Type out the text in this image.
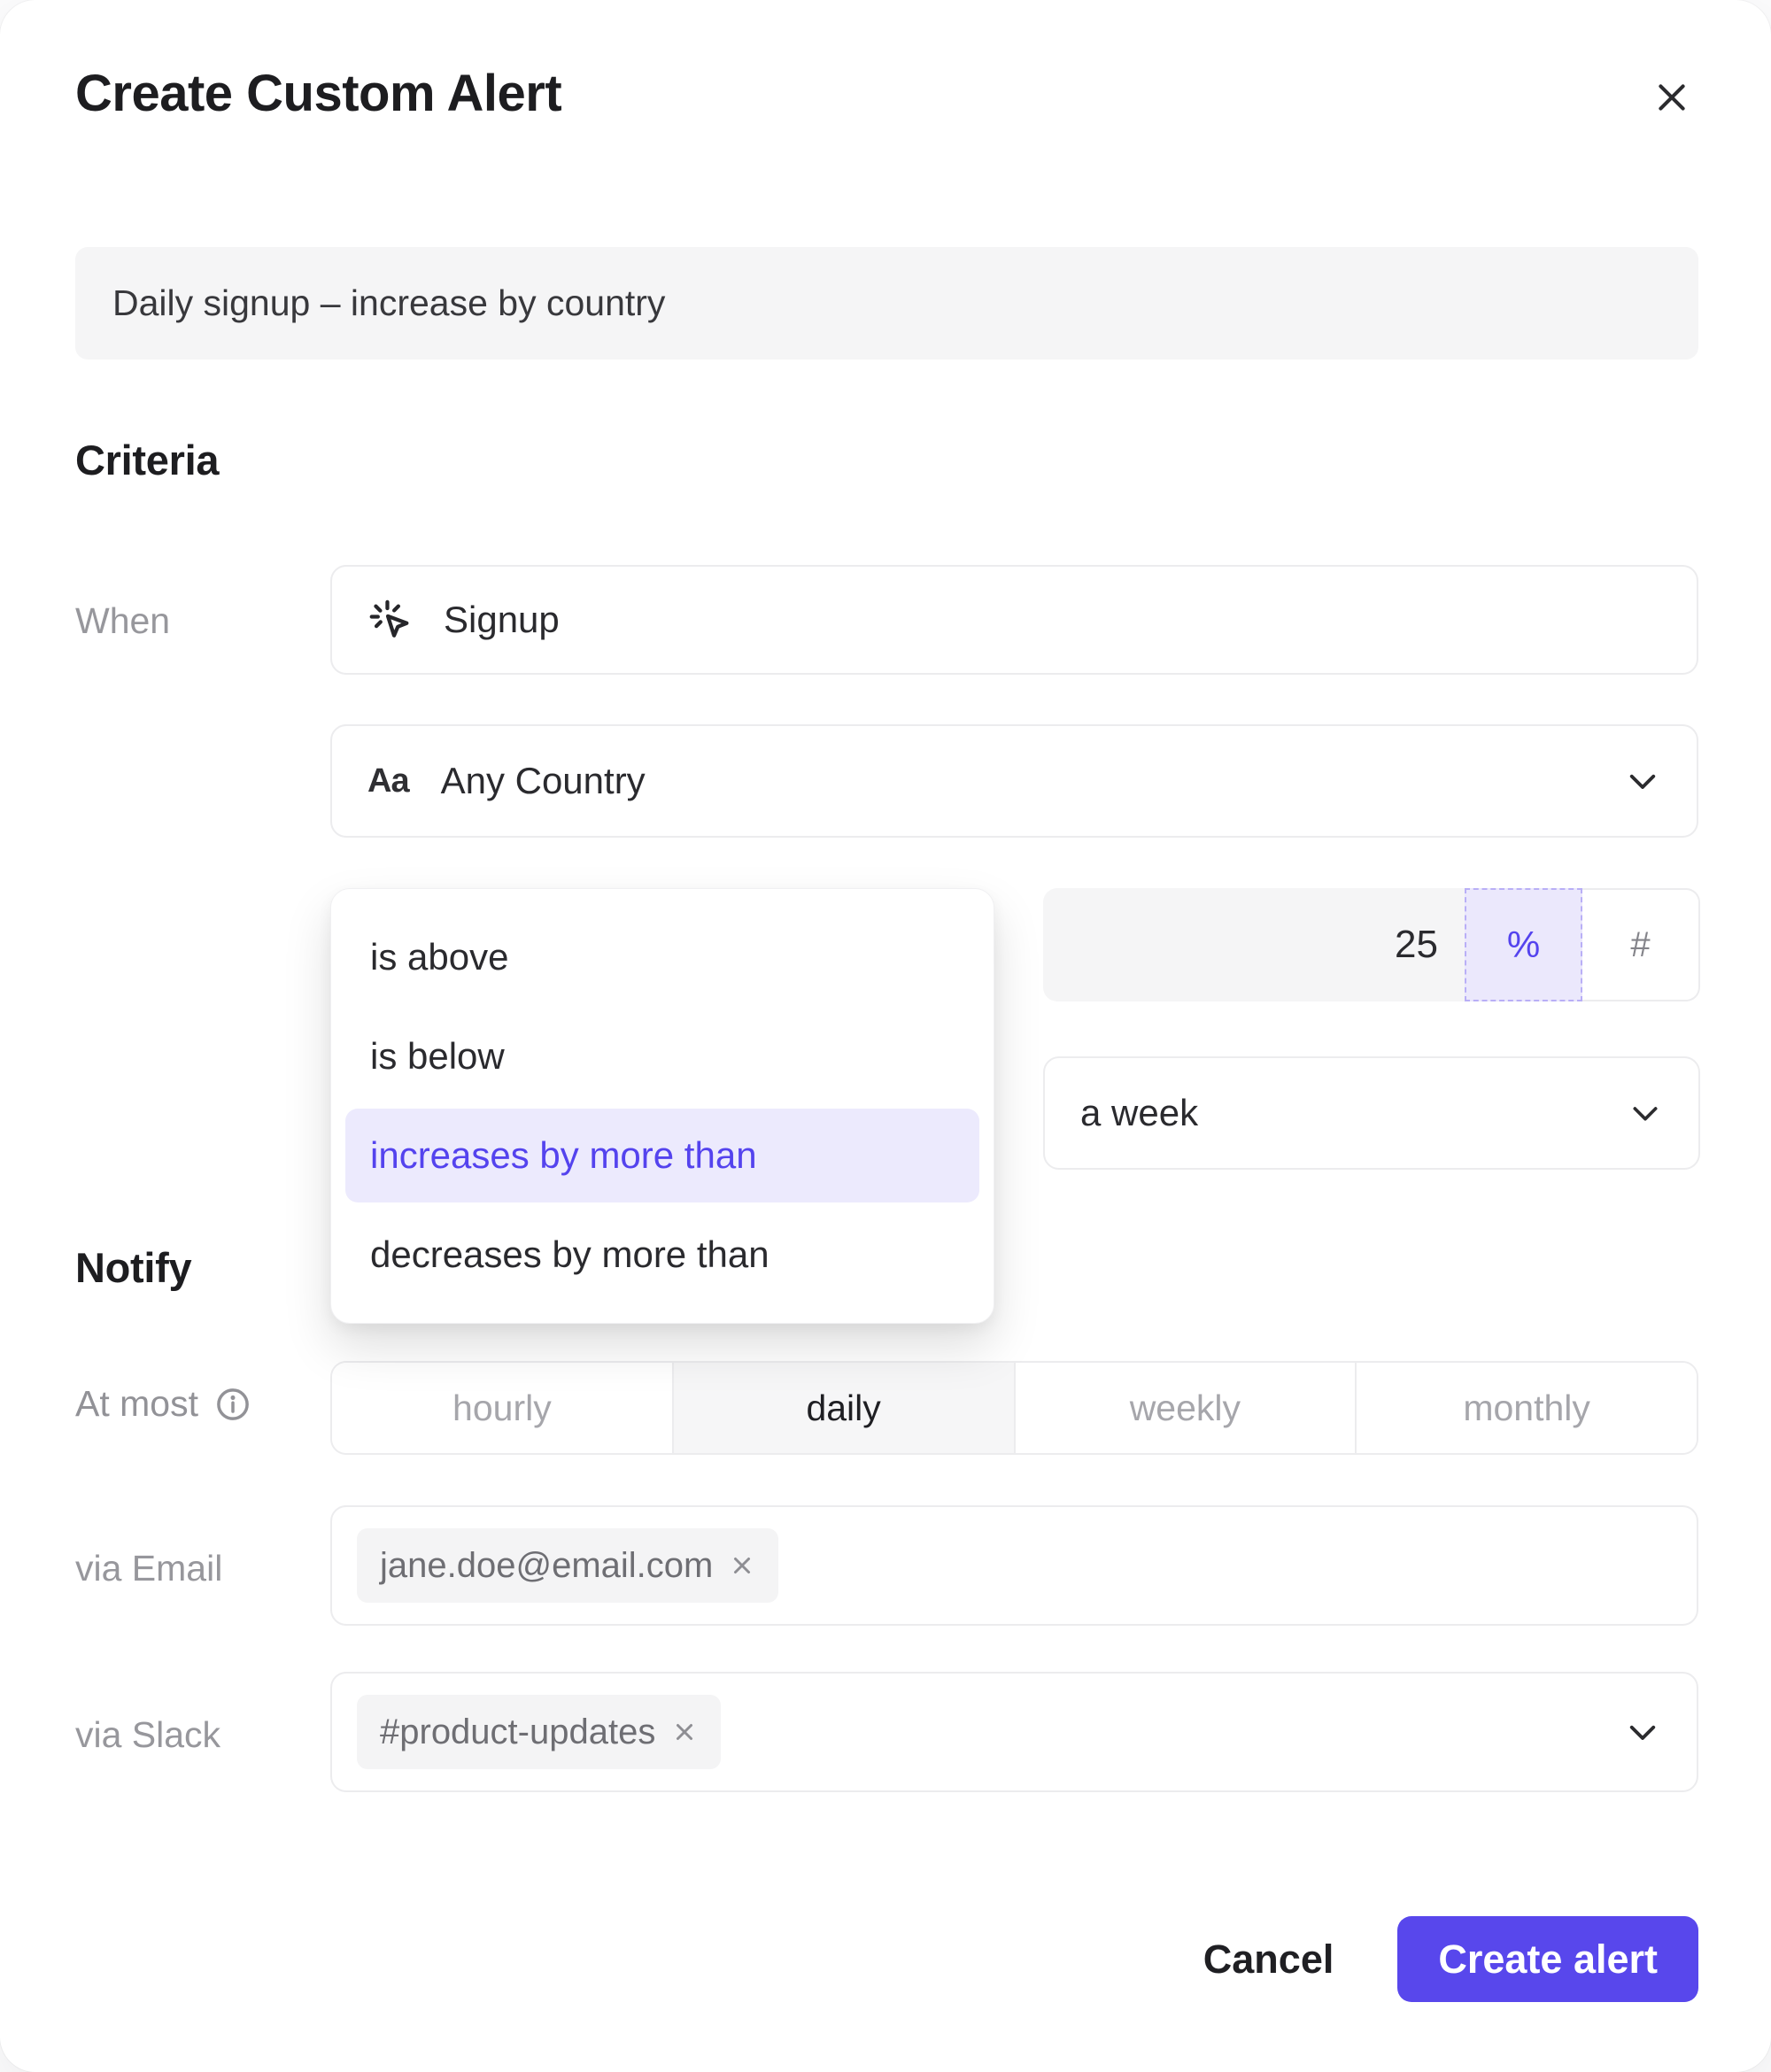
Create Custom Alert
Daily signup – increase by country
Criteria
When	Signup
Aa Any Country
is above
is below
increases by more than
decreases by more than
25 %	#
a week
Notify
At most	hourly	daily	weekly	monthly
via Email	jane.doe@email.com
via Slack	#product-updates
Cancel	Create alert
